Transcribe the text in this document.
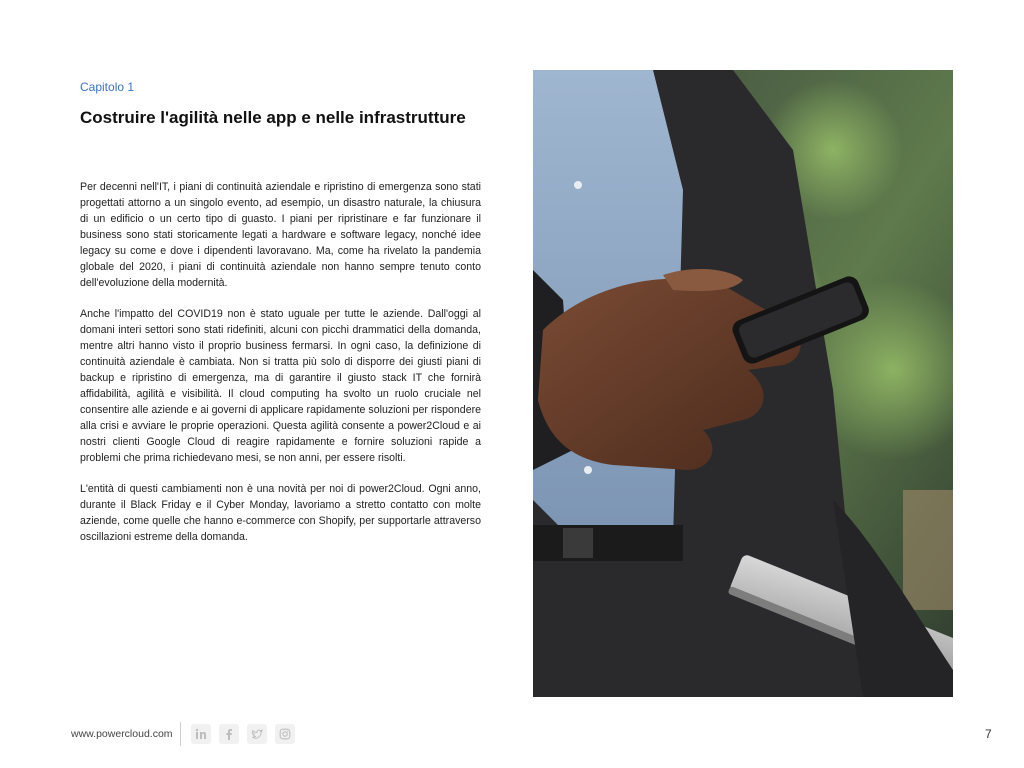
Capitolo 1
Costruire l'agilità nelle app e nelle infrastrutture

Per decenni nell'IT, i piani di continuità aziendale e ripristino di emergenza sono stati progettati attorno a un singolo evento, ad esempio, un disastro naturale, la chiusura di un edificio o un certo tipo di guasto. I piani per ripristinare e far funzionare il business sono stati storicamente legati a hardware e software legacy, nonché idee legacy su come e dove i dipendenti lavoravano. Ma, come ha rivelato la pandemia globale del 2020, i piani di continuità aziendale non hanno sempre tenuto conto dell'evoluzione della modernità.

Anche l'impatto del COVID19 non è stato uguale per tutte le aziende. Dall'oggi al domani interi settori sono stati ridefiniti, alcuni con picchi drammatici della domanda, mentre altri hanno visto il proprio business fermarsi. In ogni caso, la definizione di continuità aziendale è cambiata. Non si tratta più solo di disporre dei giusti piani di backup e ripristino di emergenza, ma di garantire il giusto stack IT che fornirà affidabilità, agilità e visibilità. Il cloud computing ha svolto un ruolo cruciale nel consentire alle aziende e ai governi di applicare rapidamente soluzioni per rispondere alla crisi e avviare le proprie operazioni. Questa agilità consente a power2Cloud e ai nostri clienti Google Cloud di reagire rapidamente e fornire soluzioni rapide a problemi che prima richiedevano mesi, se non anni, per essere risolti.

L'entità di questi cambiamenti non è una novità per noi di power2Cloud. Ogni anno, durante il Black Friday e il Cyber Monday, lavoriamo a stretto contatto con molte aziende, come quelle che hanno e-commerce con Shopify, per supportarle attraverso oscillazioni estreme della domanda.

www.powercloud.com	7
